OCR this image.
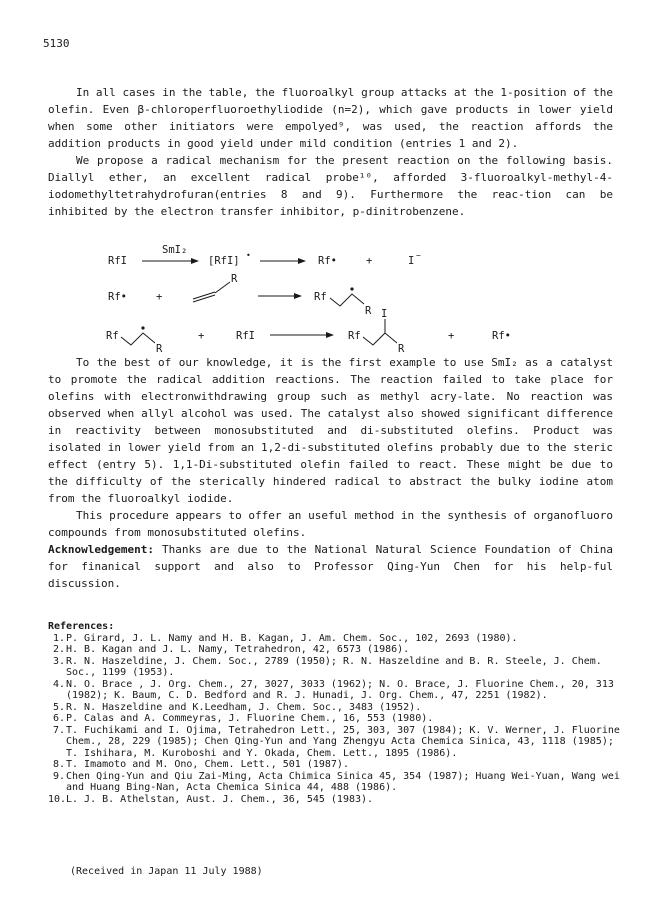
5130

In all cases in the table, the fluoroalkyl group attacks at the 1-position of the olefin. Even β-chloroperfluoroethyliodide (n=2), which gave products in lower yield when some other initiators were empolyed⁹, was used, the reaction affords the addition products in good yield under mild condition (entries 1 and 2).

We propose a radical mechanism for the present reaction on the following basis. Diallyl ether, an excellent radical probe¹⁰, afforded 3-fluoroalkyl-methyl-4-iodomethyltetrahydrofuran(entries 8 and 9). Furthermore the reac-tion can be inhibited by the electron transfer inhibitor, p-dinitrobenzene.

RfI
SmI₂
[RfI] •	Rf•	+	I −
Rf•	+
R
Rf
R
Rf
R
+	RfI	Rf
I
R
+	Rf•

To the best of our knowledge, it is the first example to use SmI₂ as a catalyst to promote the radical addition reactions. The reaction failed to take place for olefins with electronwithdrawing group such as methyl acry-late. No reaction was observed when allyl alcohol was used. The catalyst also showed significant difference in reactivity between monosubstituted and di-substituted olefins. Product was isolated in lower yield from an 1,2-di-substituted olefins probably due to the steric effect (entry 5). 1,1-Di-substituted olefin failed to react. These might be due to the difficulty of the sterically hindered radical to abstract the bulky iodine atom from the fluoroalkyl iodide.

This procedure appears to offer an useful method in the synthesis of organofluoro compounds from monosubstituted olefins.

Acknowledgement: Thanks are due to the National Natural Science Foundation of China for finanical support and also to Professor Qing-Yun Chen for his help-ful discussion.

References:
1. P. Girard, J. L. Namy and H. B. Kagan, J. Am. Chem. Soc., 102, 2693 (1980).
2. H. B. Kagan and J. L. Namy, Tetrahedron, 42, 6573 (1986).
3. R. N. Haszeldine, J. Chem. Soc., 2789 (1950); R. N. Haszeldine and B. R. Steele, J. Chem. Soc., 1199 (1953).
4. N. O. Brace , J. Org. Chem., 27, 3027, 3033 (1962); N. O. Brace, J. Fluorine Chem., 20, 313 (1982); K. Baum, C. D. Bedford and R. J. Hunadi, J. Org. Chem., 47, 2251 (1982).
5. R. N. Haszeldine and K.Leedham, J. Chem. Soc., 3483 (1952).
6. P. Calas and A. Commeyras, J. Fluorine Chem., 16, 553 (1980).
7. T. Fuchikami and I. Ojima, Tetrahedron Lett., 25, 303, 307 (1984); K. V. Werner, J. Fluorine Chem., 28, 229 (1985); Chen Qing-Yun and Yang Zhengyu Acta Chemica Sinica, 43, 1118 (1985); T. Ishihara, M. Kuroboshi and Y. Okada, Chem. Lett., 1895 (1986).
8. T. Imamoto and M. Ono, Chem. Lett., 501 (1987).
9. Chen Qing-Yun and Qiu Zai-Ming, Acta Chimica Sinica 45, 354 (1987); Huang Wei-Yuan, Wang wei and Huang Bing-Nan, Acta Chemica Sinica 44, 488 (1986).
10. L. J. B. Athelstan, Aust. J. Chem., 36, 545 (1983).
(Received in Japan 11 July 1988)
